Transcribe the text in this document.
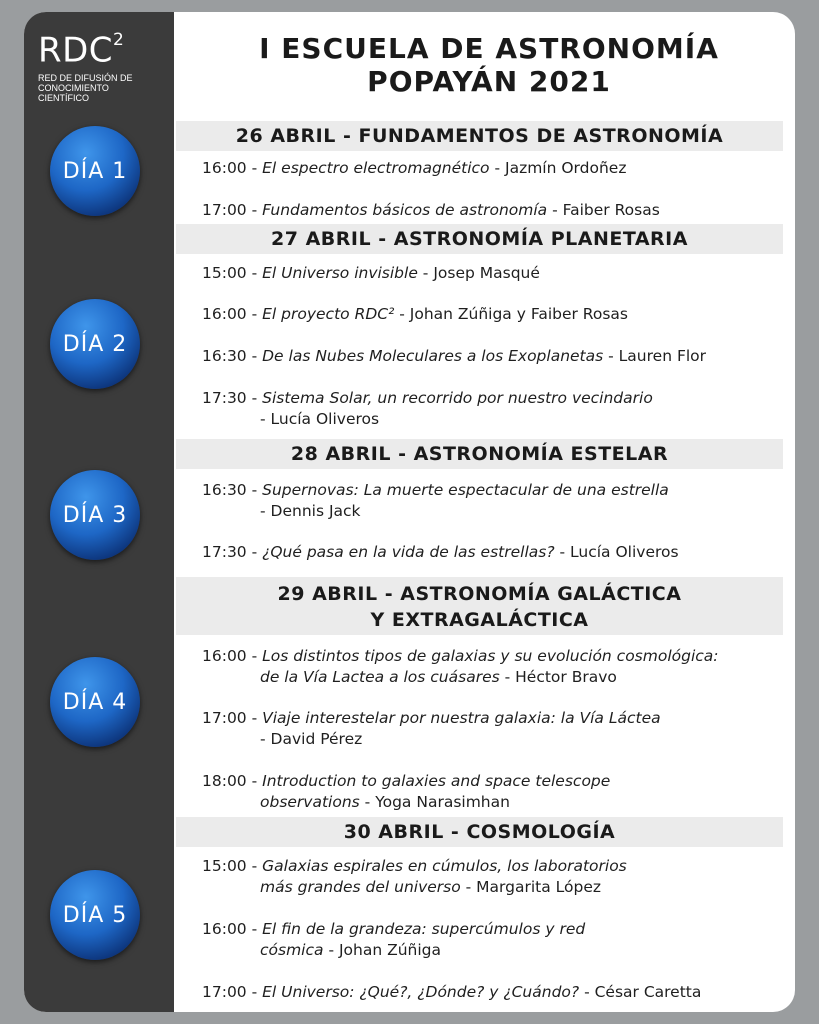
RDC$^2$
RED DE DIFUSIÓN DE CONOCIMIENTO CIENTÍFICO
DÍA 1
DÍA 2
DÍA 3
DÍA 4
DÍA 5
I ESCUELA DE ASTRONOMÍA
POPAYÁN 2021
26 ABRIL - FUNDAMENTOS DE ASTRONOMÍA
16:00 - El espectro electromagnético - Jazmín Ordoñez
17:00 - Fundamentos básicos de astronomía - Faiber Rosas
27 ABRIL - ASTRONOMÍA PLANETARIA
15:00 - El Universo invisible - Josep Masqué
16:00 - El proyecto RDC² - Johan Zúñiga y Faiber Rosas
16:30 - De las Nubes Moleculares a los Exoplanetas - Lauren Flor
17:30 - Sistema Solar, un recorrido por nuestro vecindario
- Lucía Oliveros
28 ABRIL - ASTRONOMÍA ESTELAR
16:30 - Supernovas: La muerte espectacular de una estrella
- Dennis Jack
17:30 - ¿Qué pasa en la vida de las estrellas? - Lucía Oliveros
29 ABRIL - ASTRONOMÍA GALÁCTICA
Y EXTRAGALÁCTICA
16:00 - Los distintos tipos de galaxias y su evolución cosmológica:
de la Vía Lactea a los cuásares - Héctor Bravo
17:00 - Viaje interestelar por nuestra galaxia: la Vía Láctea
- David Pérez
18:00 - Introduction to galaxies and space telescope
observations - Yoga Narasimhan
30 ABRIL - COSMOLOGÍA
15:00 - Galaxias espirales en cúmulos, los laboratorios
más grandes del universo - Margarita López
16:00 - El fin de la grandeza: supercúmulos y red
cósmica - Johan Zúñiga
17:00 - El Universo: ¿Qué?, ¿Dónde? y ¿Cuándo? - César Caretta
